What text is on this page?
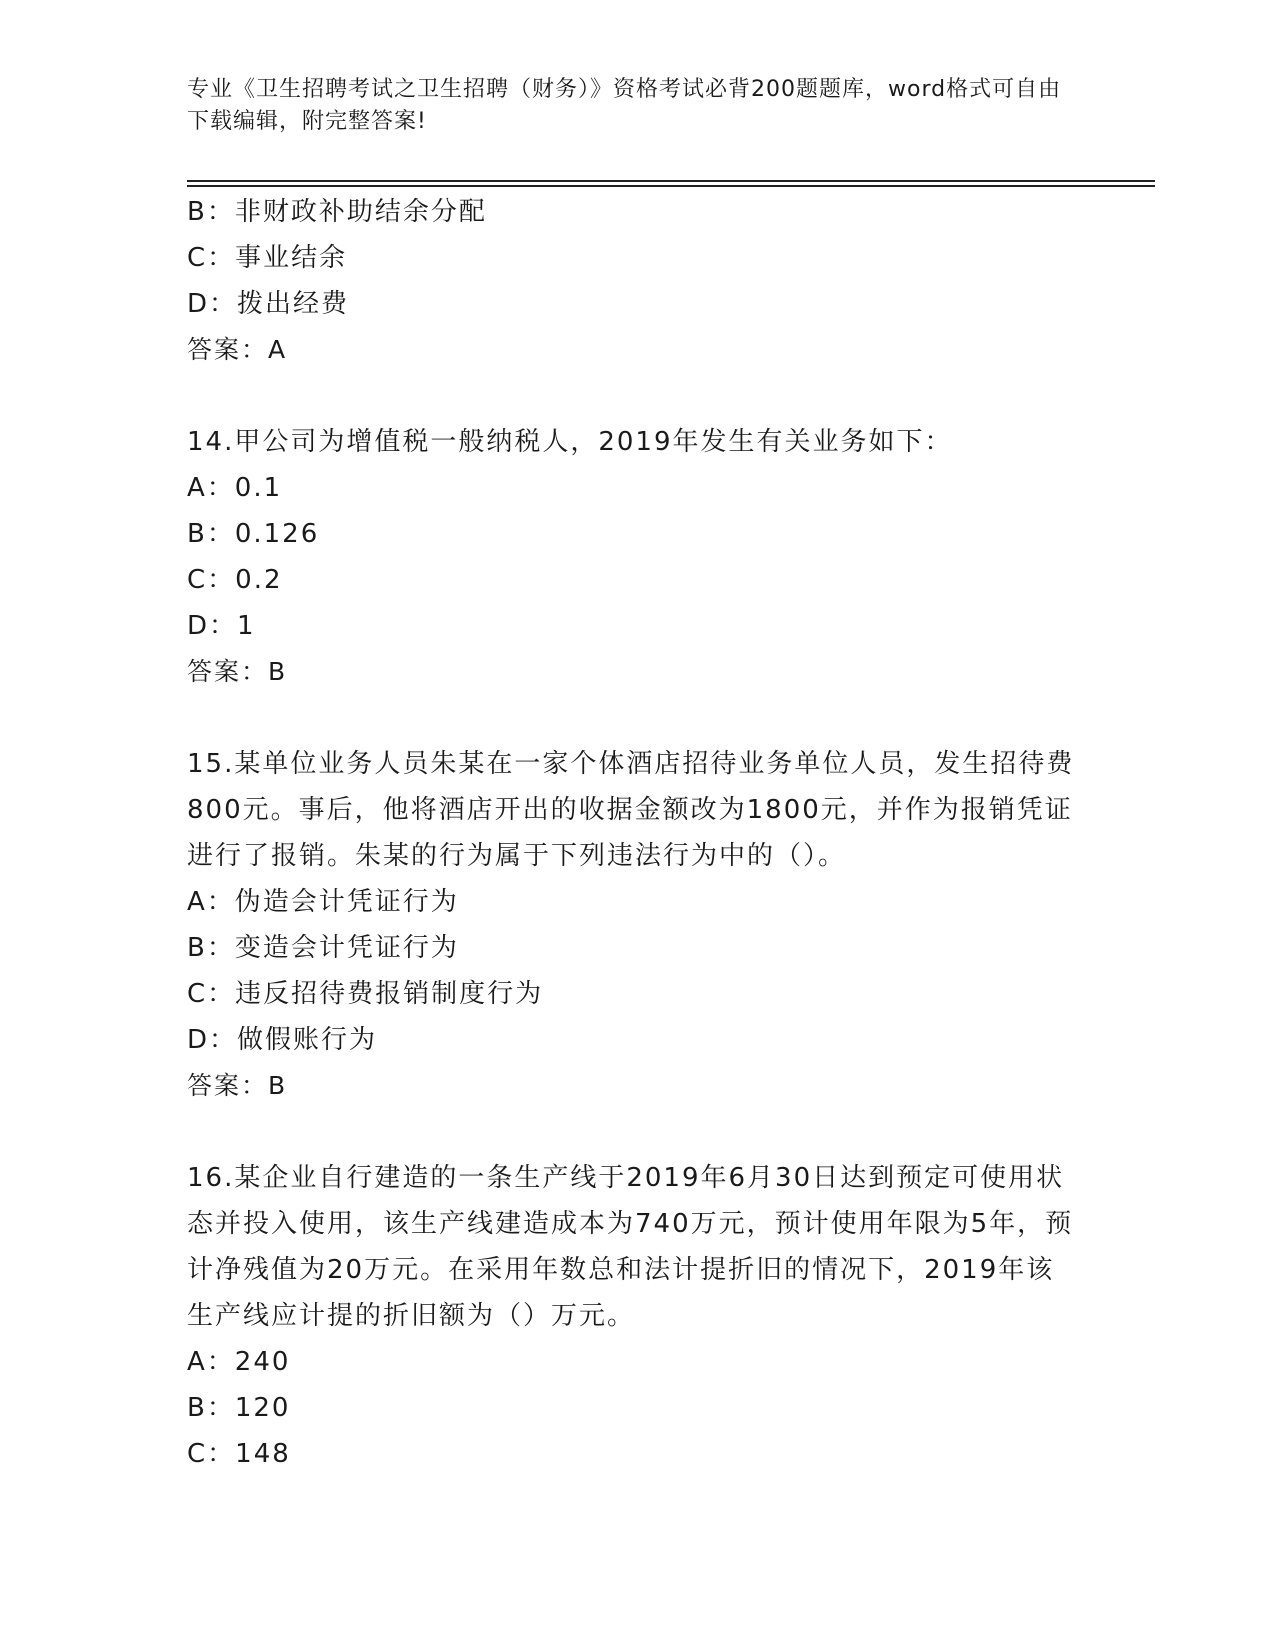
专业《卫生招聘考试之卫生招聘（财务）》资格考试必背200题题库，word格式可自由下载编辑，附完整答案!
B：非财政补助结余分配
C：事业结余
D：拨出经费
答案：A
14.甲公司为增值税一般纳税人，2019年发生有关业务如下：
A：0.1
B：0.126
C：0.2
D：1
答案：B
15.某单位业务人员朱某在一家个体酒店招待业务单位人员，发生招待费800元。事后，他将酒店开出的收据金额改为1800元，并作为报销凭证进行了报销。朱某的行为属于下列违法行为中的（）。
A：伪造会计凭证行为
B：变造会计凭证行为
C：违反招待费报销制度行为
D：做假账行为
答案：B
16.某企业自行建造的一条生产线于2019年6月30日达到预定可使用状态并投入使用，该生产线建造成本为740万元，预计使用年限为5年，预计净残值为20万元。在采用年数总和法计提折旧的情况下，2019年该生产线应计提的折旧额为（）万元。
A：240
B：120
C：148
